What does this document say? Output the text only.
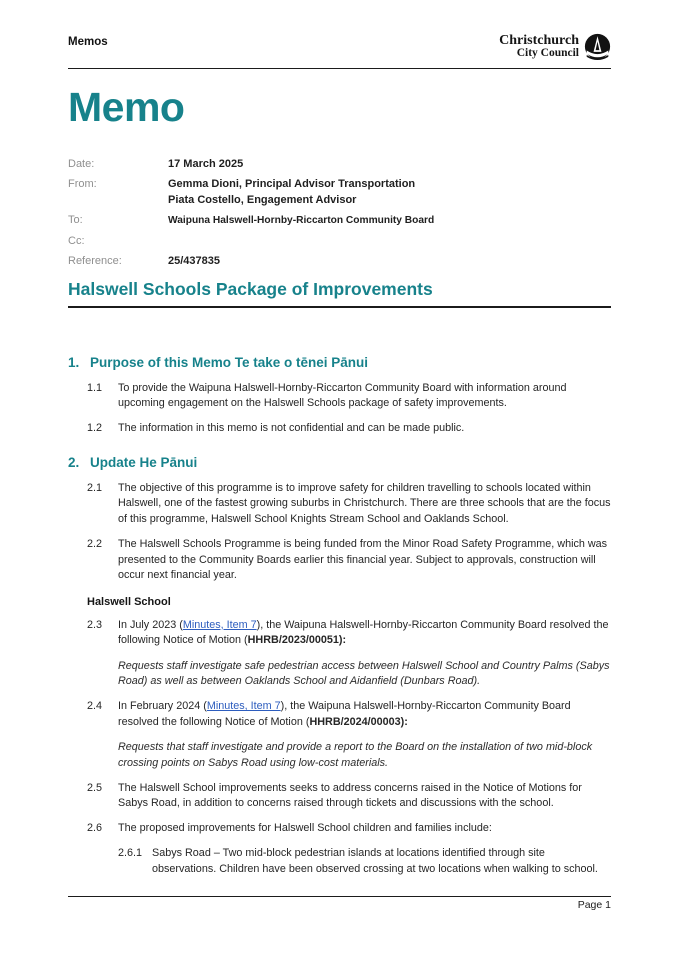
Memos	Christchurch
City Council
Memo
Date:	17 March 2025
From:	Gemma Dioni, Principal Advisor Transportation
Piata Costello, Engagement Advisor
To:	Waipuna Halswell-Hornby-Riccarton Community Board
Cc:
Reference:	25/437835
Halswell Schools Package of Improvements
1. Purpose of this Memo Te take o tēnei Pānui
1.1	To provide the Waipuna Halswell-Hornby-Riccarton Community Board with information around upcoming engagement on the Halswell Schools package of safety improvements.
1.2	The information in this memo is not confidential and can be made public.
2. Update He Pānui
2.1	The objective of this programme is to improve safety for children travelling to schools located within Halswell, one of the fastest growing suburbs in Christchurch. There are three schools that are the focus of this programme, Halswell School Knights Stream School and Oaklands School.
2.2	The Halswell Schools Programme is being funded from the Minor Road Safety Programme, which was presented to the Community Boards earlier this financial year. Subject to approvals, construction will occur next financial year.
Halswell School
2.3	In July 2023 (Minutes, Item 7), the Waipuna Halswell-Hornby-Riccarton Community Board resolved the following Notice of Motion (HHRB/2023/00051):
Requests staff investigate safe pedestrian access between Halswell School and Country Palms (Sabys Road) as well as between Oaklands School and Aidanfield (Dunbars Road).
2.4	In February 2024 (Minutes, Item 7), the Waipuna Halswell-Hornby-Riccarton Community Board resolved the following Notice of Motion (HHRB/2024/00003):
Requests that staff investigate and provide a report to the Board on the installation of two mid-block crossing points on Sabys Road using low-cost materials.
2.5	The Halswell School improvements seeks to address concerns raised in the Notice of Motions for Sabys Road, in addition to concerns raised through tickets and discussions with the school.
2.6	The proposed improvements for Halswell School children and families include:
2.6.1 Sabys Road – Two mid-block pedestrian islands at locations identified through site observations. Children have been observed crossing at two locations when walking to school.
Page 1
